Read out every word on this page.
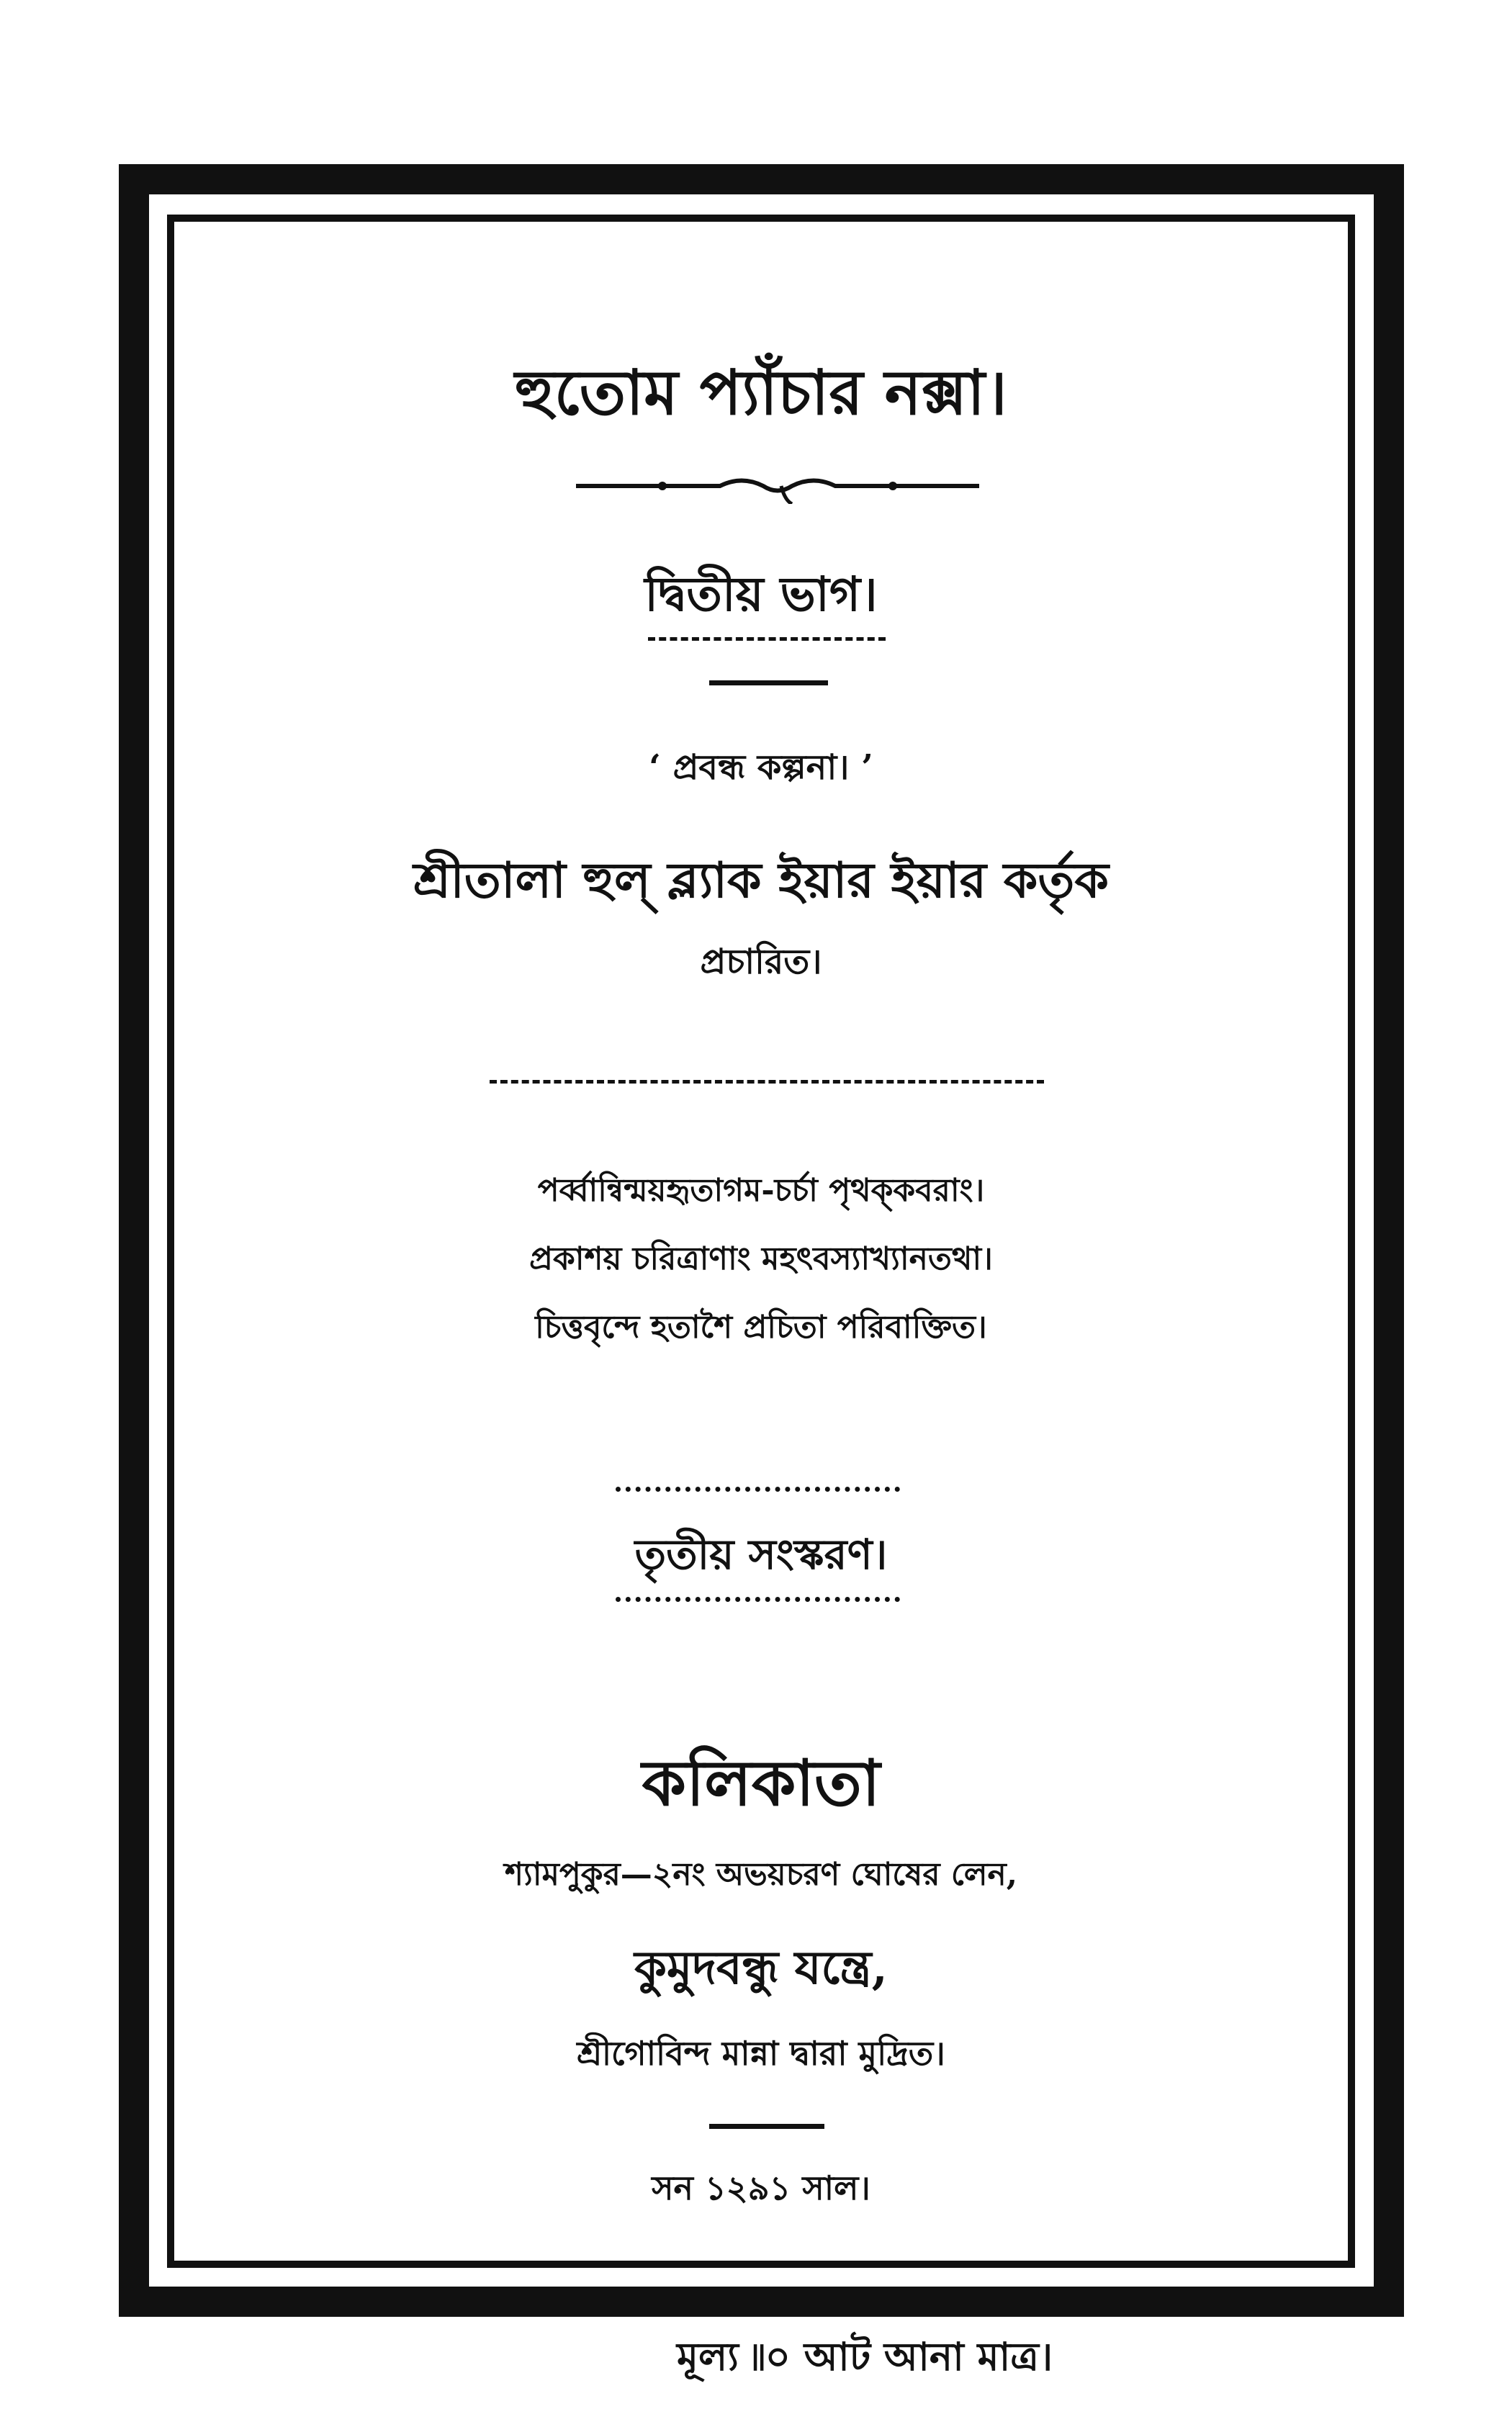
হুতোম প্যাঁচার নক্সা।
দ্বিতীয় ভাগ।
‘ প্রবন্ধ কল্পনা। ’
শ্রীতালা হুল্ ব্ল্যাক ইয়ার ইয়ার কর্তৃক
প্রচারিত।
পর্ব্বান্বিন্ময়হৃতাগম-চর্চা পৃথক্‌কবরাং।
প্রকাশয় চরিত্রাণাং মহৎবস্যাখ্যানতথা।
চিত্তবৃন্দে হতাশৈ প্রচিতা পরিবাক্তিত।
তৃতীয় সংস্করণ।
কলিকাতা
শ্যামপুকুর—২নং অভয়চরণ ঘোষের লেন,
কুমুদবন্ধু যন্ত্রে,
শ্রীগোবিন্দ মান্না দ্বারা মুদ্রিত।
সন ১২৯১ সাল।
মূল্য ৷৷০ আট আনা মাত্র।
